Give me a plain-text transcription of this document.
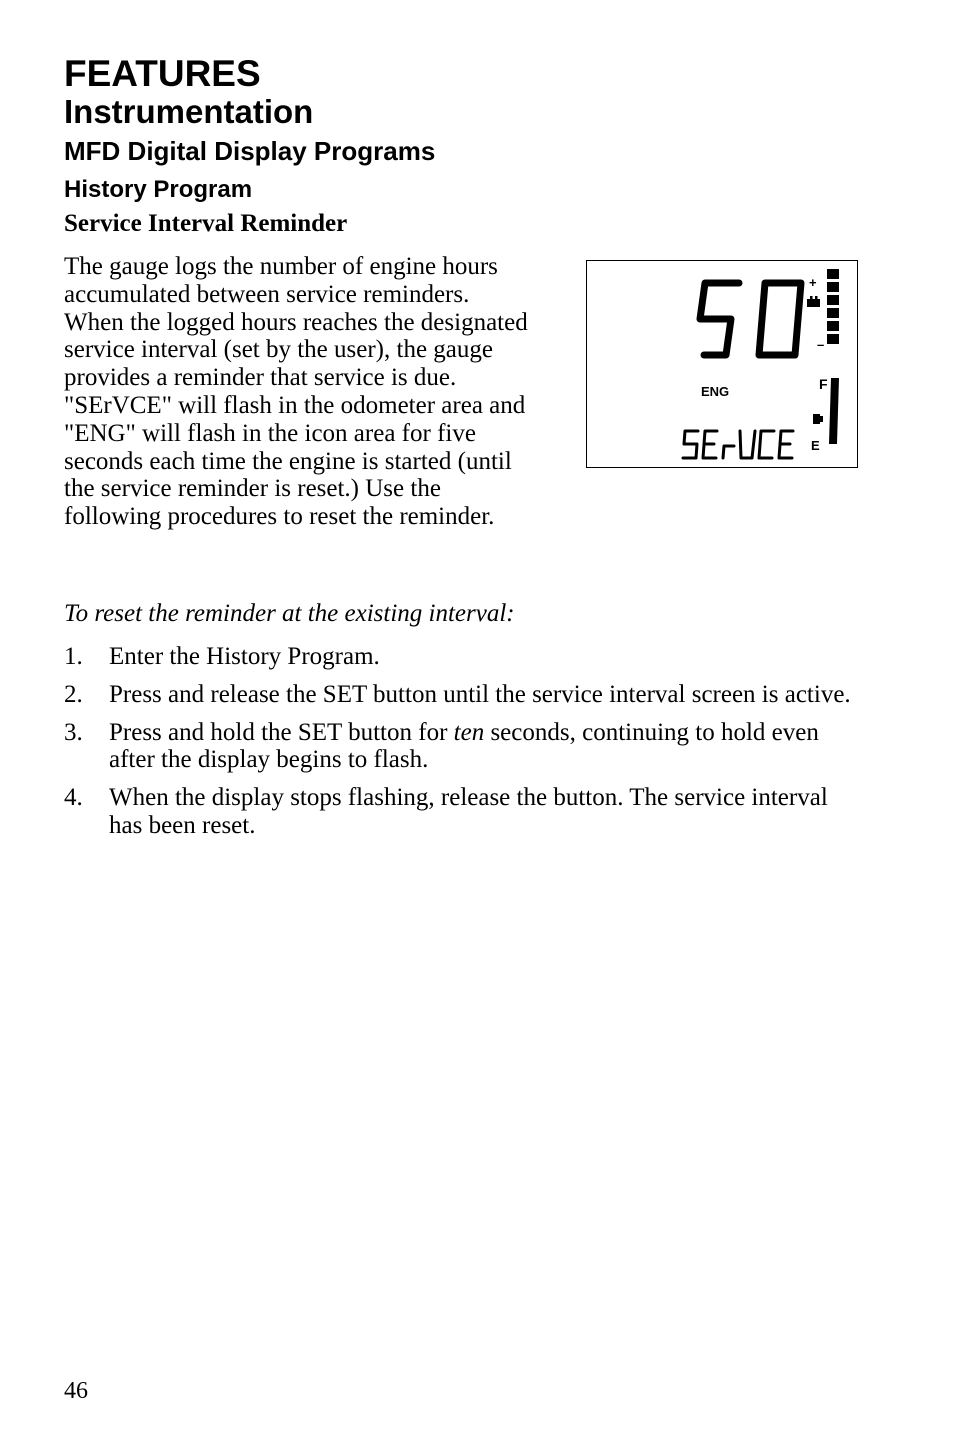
FEATURES
Instrumentation
MFD Digital Display Programs
History Program
Service Interval Reminder

The gauge logs the number of engine hours accumulated between service reminders. When the logged hours reaches the designated service interval (set by the user), the gauge provides a reminder that service is due. "SErVCE" will flash in the odometer area and "ENG" will flash in the icon area for five seconds each time the engine is started (until the service reminder is reset.) Use the following procedures to reset the reminder.

50
+
–
ENG	F
E
SErVCE

To reset the reminder at the existing interval:

1. Enter the History Program.
2. Press and release the SET button until the service interval screen is active.
3. Press and hold the SET button for ten seconds, continuing to hold even after the display begins to flash.
4. When the display stops flashing, release the button. The service interval has been reset.
46
